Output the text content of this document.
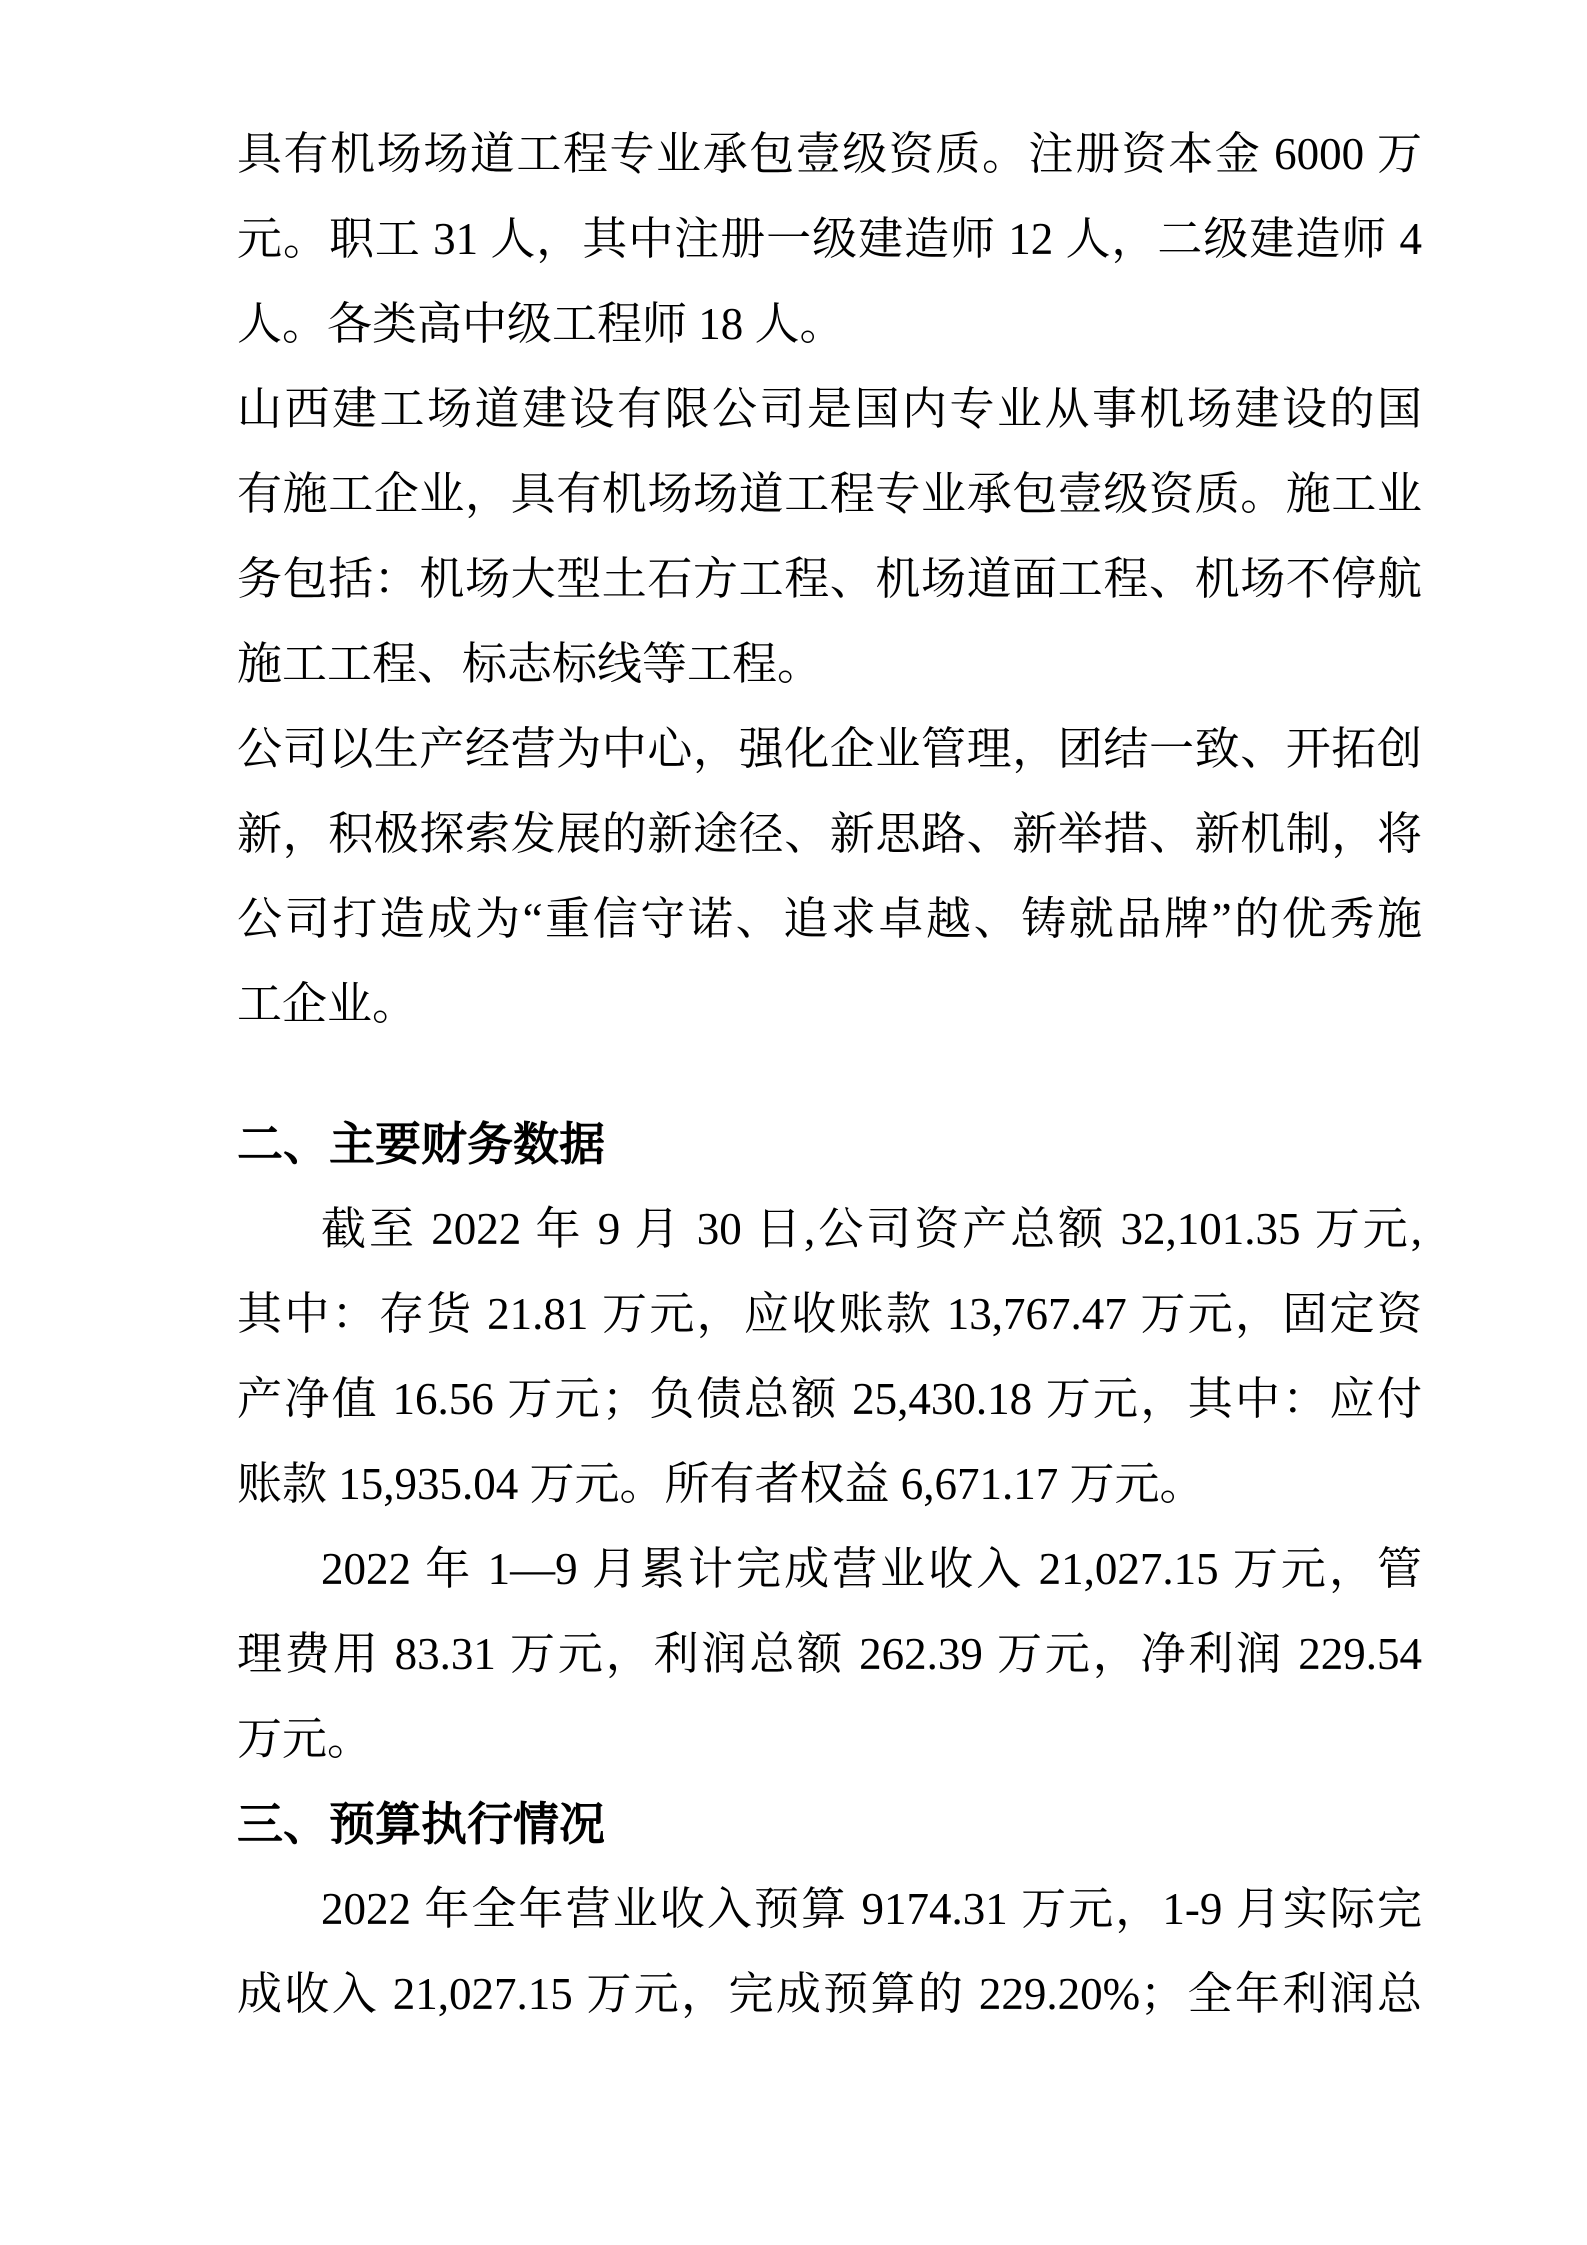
具有机场场道工程专业承包壹级资质。注册资本金 6000 万
元。职工 31 人，其中注册一级建造师 12 人，二级建造师 4
人。各类高中级工程师 18 人。
山西建工场道建设有限公司是国内专业从事机场建设的国
有施工企业，具有机场场道工程专业承包壹级资质。施工业
务包括：机场大型土石方工程、机场道面工程、机场不停航
施工工程、标志标线等工程。
公司以生产经营为中心，强化企业管理，团结一致、开拓创
新，积极探索发展的新途径、新思路、新举措、新机制，将
公司打造成为“重信守诺、追求卓越、铸就品牌”的优秀施
工企业。
二、主要财务数据
截至 2022 年 9 月 30 日,公司资产总额 32,101.35 万元,
其中：存货 21.81 万元，应收账款 13,767.47 万元，固定资
产净值 16.56 万元；负债总额 25,430.18 万元，其中：应付
账款 15,935.04 万元。所有者权益 6,671.17 万元。
2022 年 1—9 月累计完成营业收入 21,027.15 万元，管
理费用 83.31 万元，利润总额 262.39 万元，净利润 229.54
万元。
三、预算执行情况
2022 年全年营业收入预算 9174.31 万元，1-9 月实际完
成收入 21,027.15 万元，完成预算的 229.20%；全年利润总
